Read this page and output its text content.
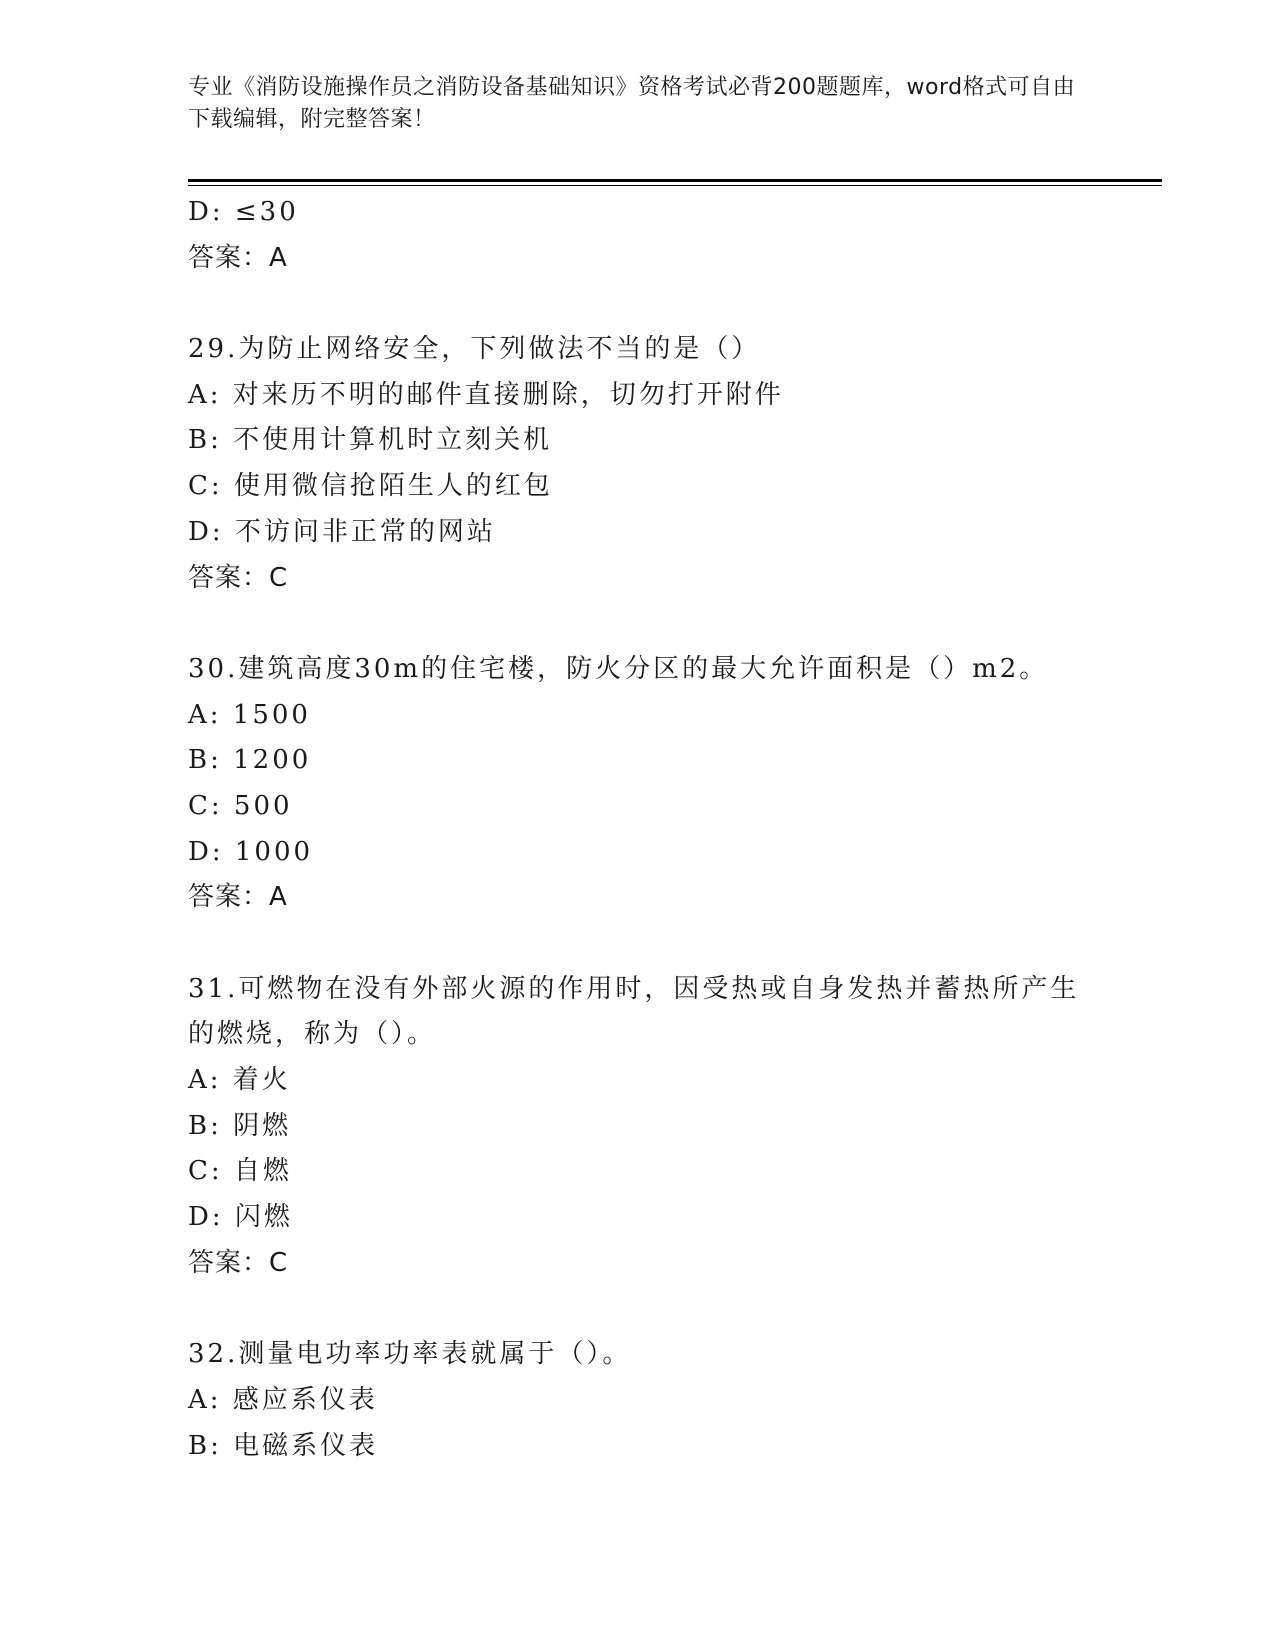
专业《消防设施操作员之消防设备基础知识》资格考试必背200题题库，word格式可自由下载编辑，附完整答案！
D: ≤30
答案：A
29.为防止网络安全，下列做法不当的是（）
A: 对来历不明的邮件直接删除，切勿打开附件
B: 不使用计算机时立刻关机
C: 使用微信抢陌生人的红包
D: 不访问非正常的网站
答案：C
30.建筑高度30m的住宅楼，防火分区的最大允许面积是（）m2。
A: 1500
B: 1200
C: 500
D: 1000
答案：A
31.可燃物在没有外部火源的作用时，因受热或自身发热并蓄热所产生的燃烧，称为（）。
A: 着火
B: 阴燃
C: 自燃
D: 闪燃
答案：C
32.测量电功率功率表就属于（）。
A: 感应系仪表
B: 电磁系仪表
